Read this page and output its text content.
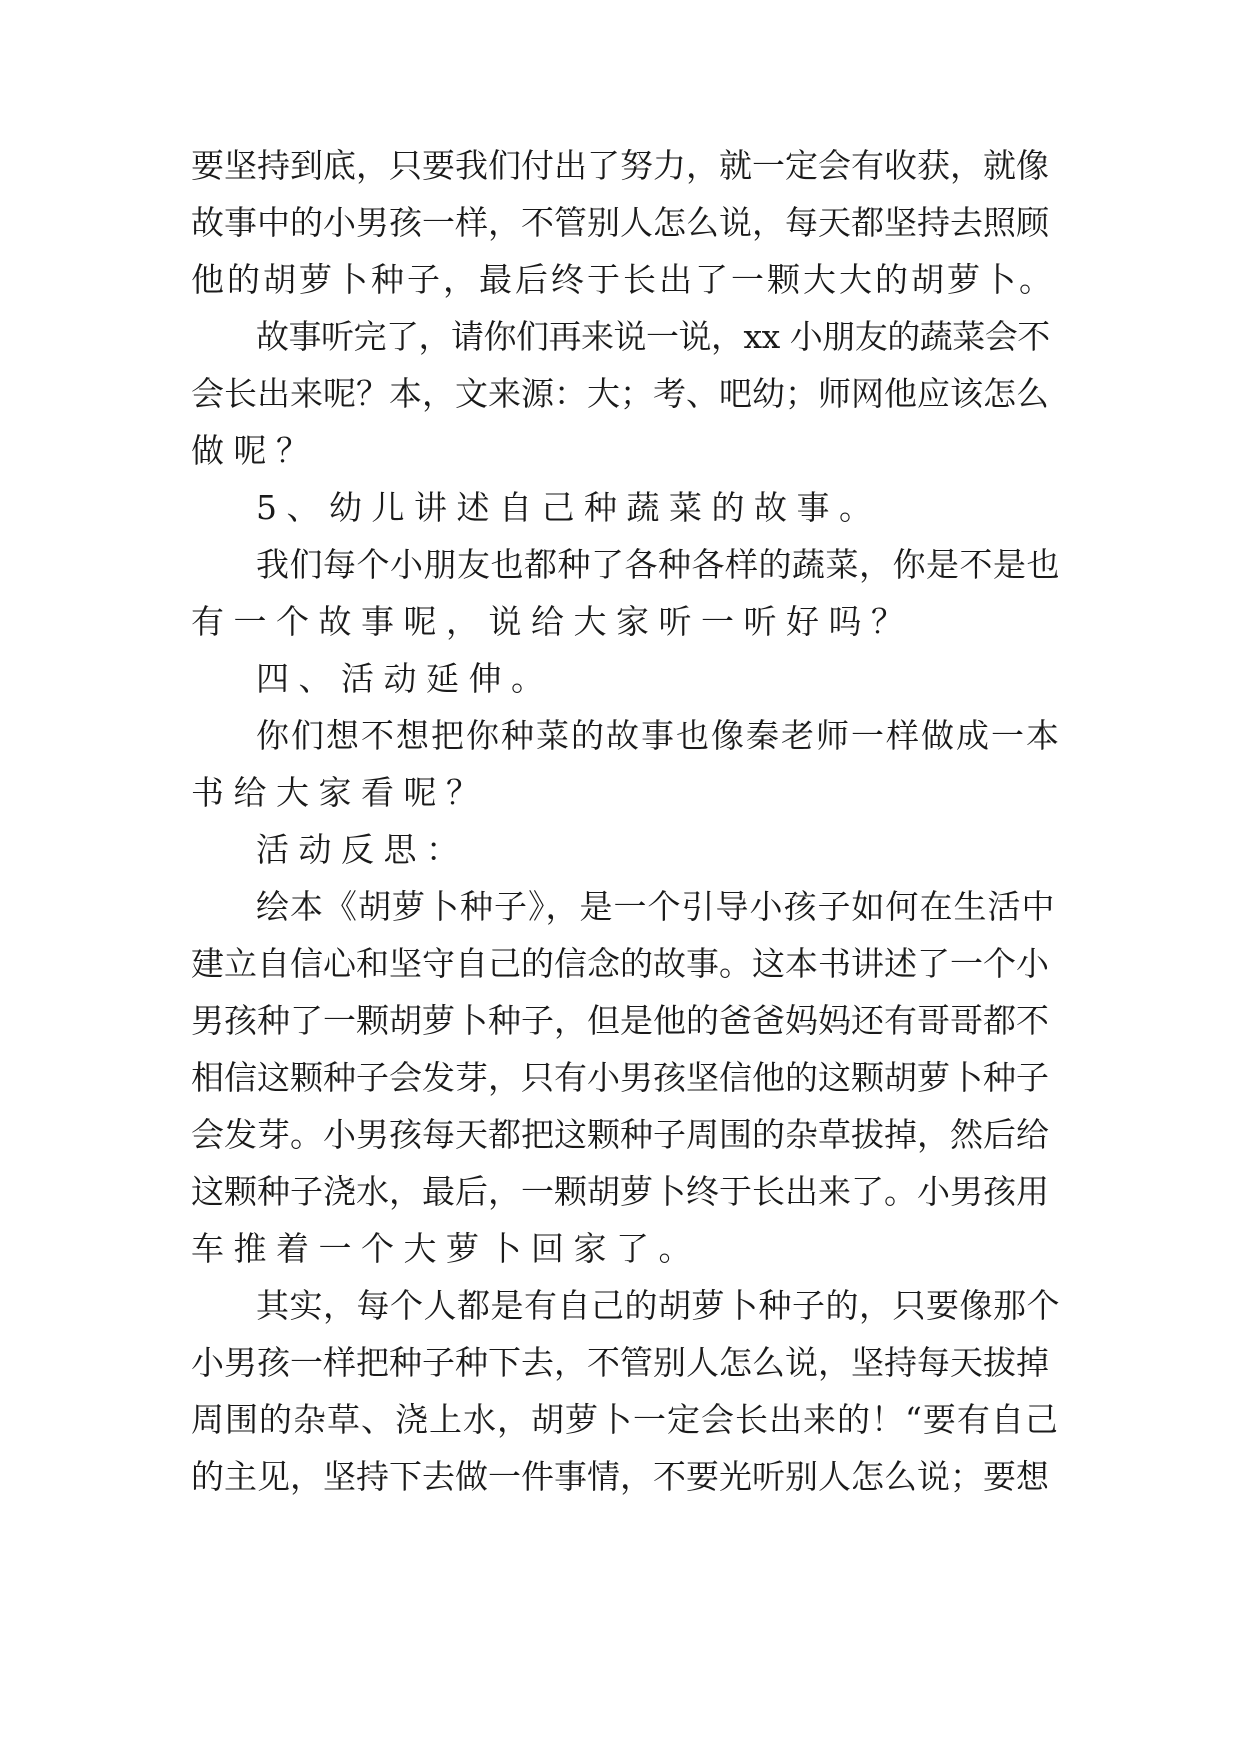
要坚持到底，只要我们付出了努力，就一定会有收获，就像
故事中的小男孩一样，不管别人怎么说，每天都坚持去照顾
他的胡萝卜种子，最后终于长出了一颗大大的胡萝卜。
故事听完了，请你们再来说一说，xx 小朋友的蔬菜会不
会长出来呢？本，文来源：大；考、吧幼；师网他应该怎么
做呢？
5、幼儿讲述自己种蔬菜的故事。
我们每个小朋友也都种了各种各样的蔬菜，你是不是也
有一个故事呢，说给大家听一听好吗？
四、活动延伸。
你们想不想把你种菜的故事也像秦老师一样做成一本
书给大家看呢？
活动反思：
绘本《胡萝卜种子》，是一个引导小孩子如何在生活中
建立自信心和坚守自己的信念的故事。这本书讲述了一个小
男孩种了一颗胡萝卜种子，但是他的爸爸妈妈还有哥哥都不
相信这颗种子会发芽，只有小男孩坚信他的这颗胡萝卜种子
会发芽。小男孩每天都把这颗种子周围的杂草拔掉，然后给
这颗种子浇水，最后，一颗胡萝卜终于长出来了。小男孩用
车推着一个大萝卜回家了。
其实，每个人都是有自己的胡萝卜种子的，只要像那个
小男孩一样把种子种下去，不管别人怎么说，坚持每天拔掉
周围的杂草、浇上水，胡萝卜一定会长出来的！“要有自己
的主见，坚持下去做一件事情，不要光听别人怎么说；要想
